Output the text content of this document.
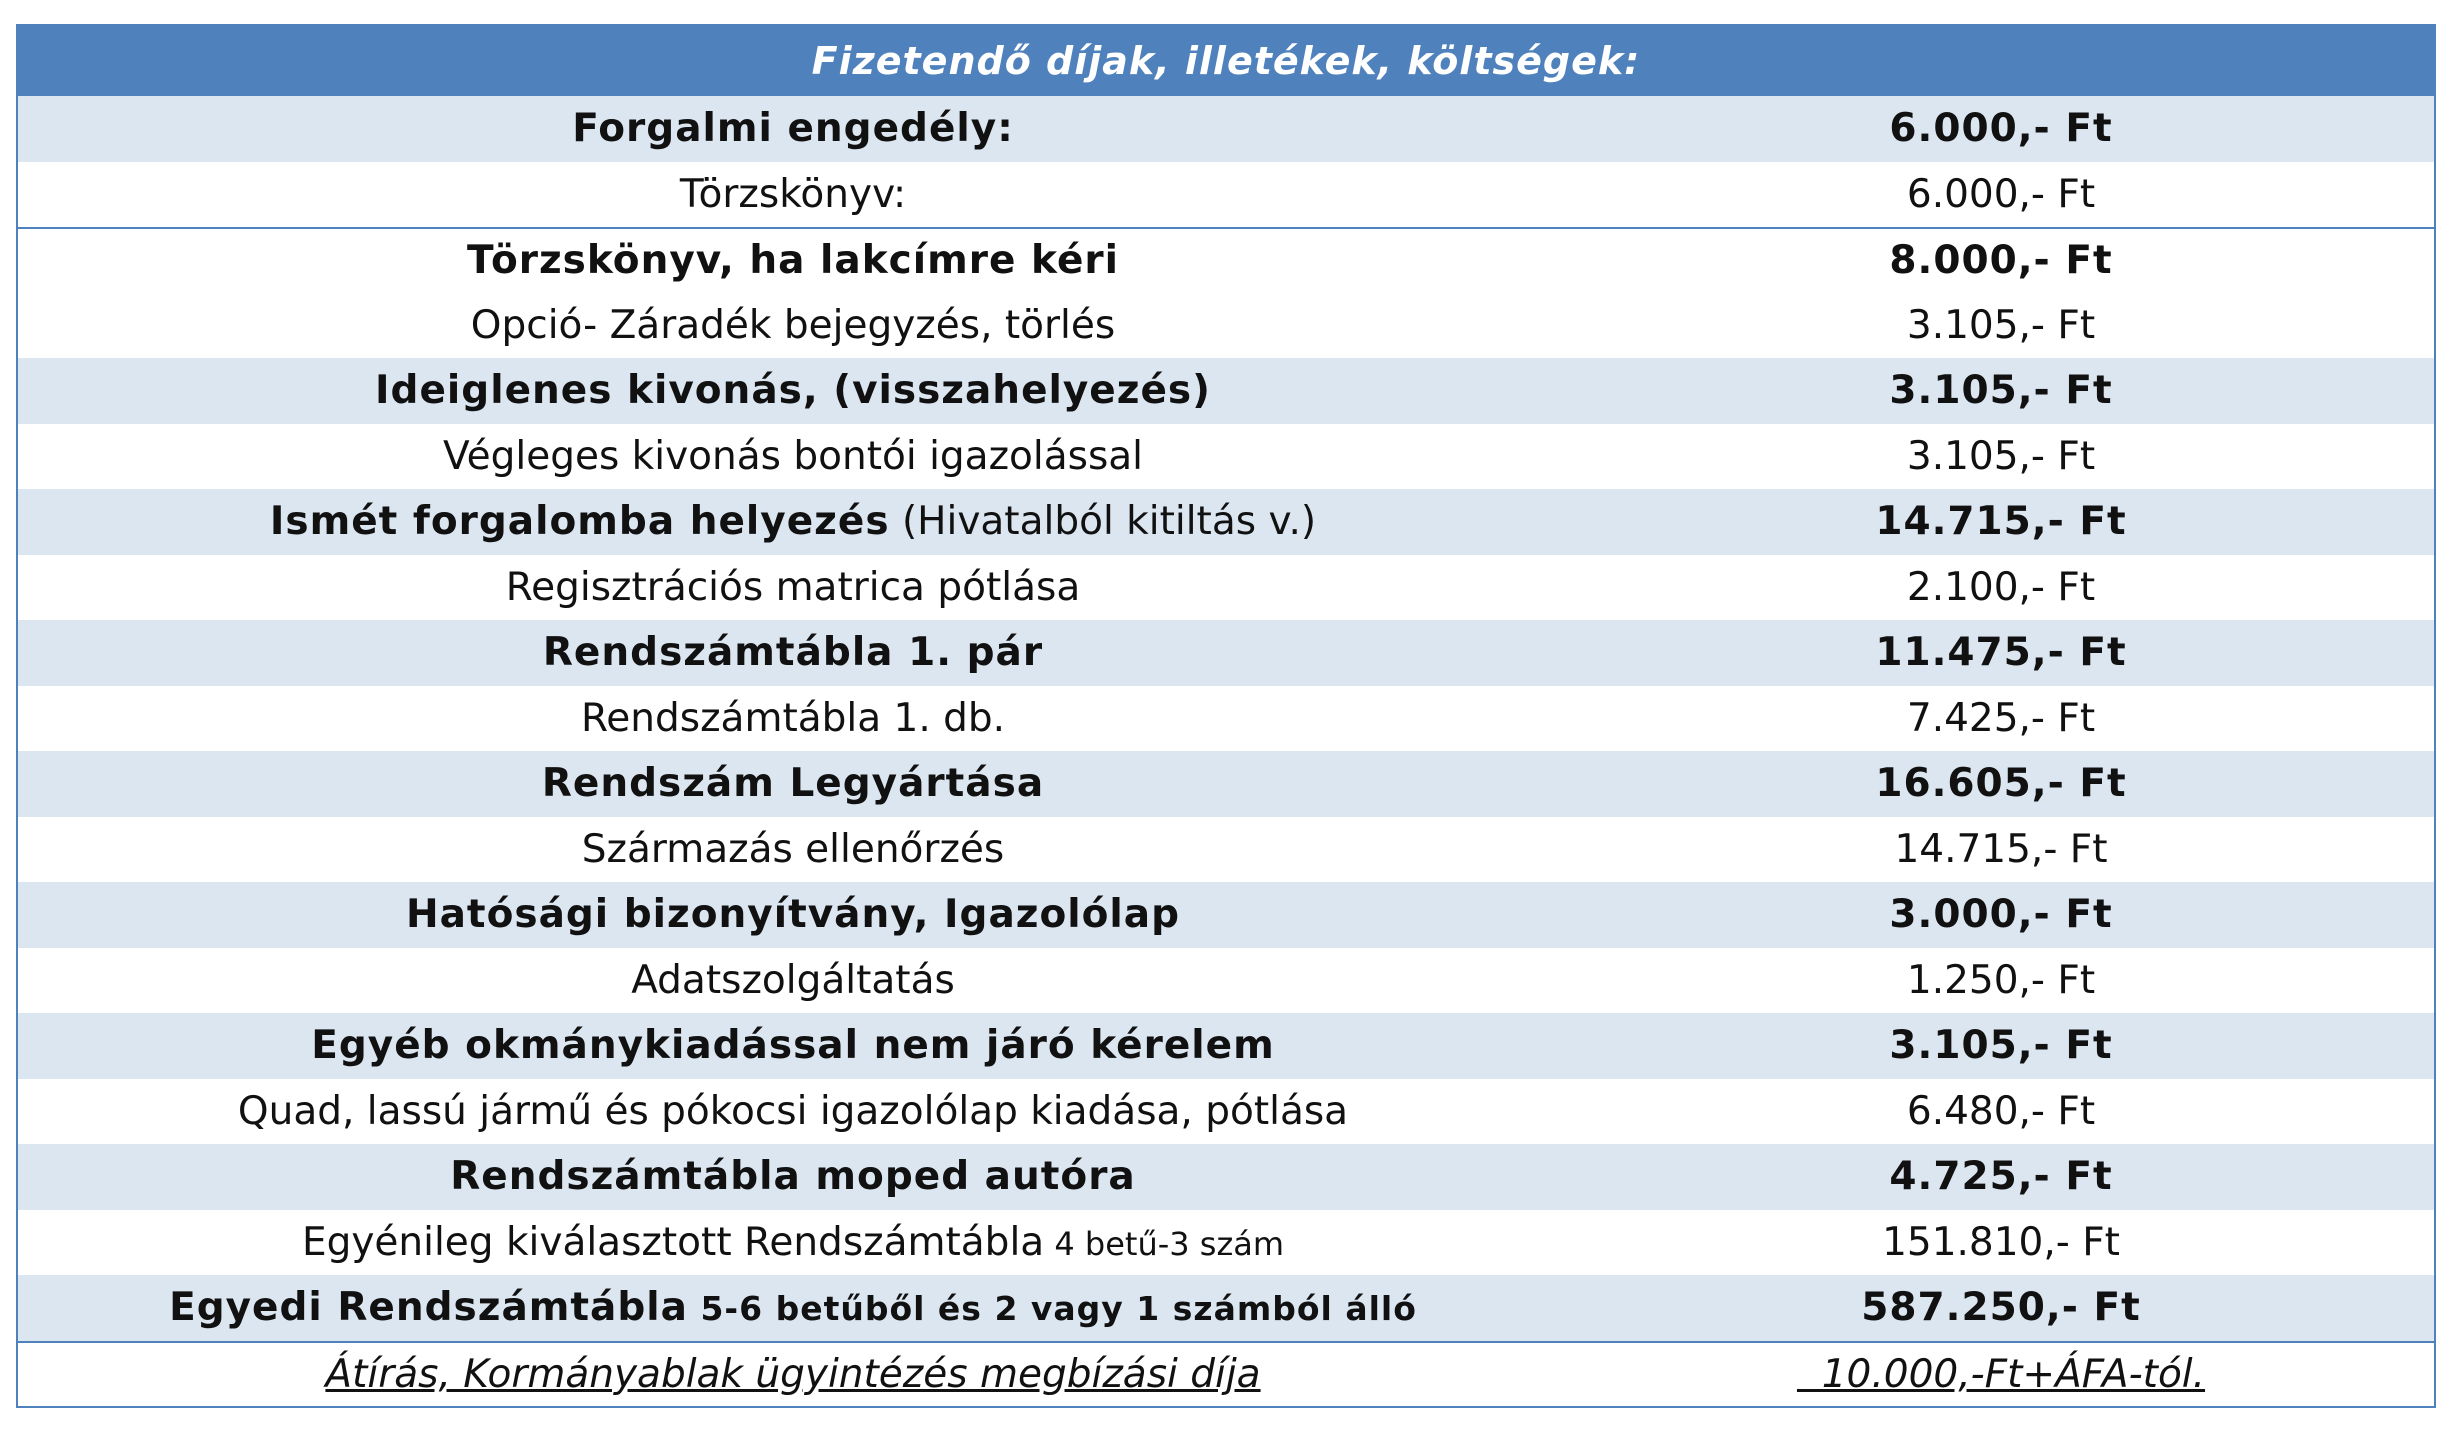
Fizetendő díjak, illetékek, költségek:
Forgalmi engedély:	6.000,- Ft
Törzskönyv:	6.000,- Ft
Törzskönyv, ha lakcímre kéri	8.000,- Ft
Opció- Záradék bejegyzés, törlés	3.105,- Ft
Ideiglenes kivonás, (visszahelyezés)	3.105,- Ft
Végleges kivonás bontói igazolással	3.105,- Ft
Ismét forgalomba helyezés (Hivatalból kitiltás v.)	14.715,- Ft
Regisztrációs matrica pótlása	2.100,- Ft
Rendszámtábla 1. pár	11.475,- Ft
Rendszámtábla 1. db.	7.425,- Ft
Rendszám Legyártása	16.605,- Ft
Származás ellenőrzés	14.715,- Ft
Hatósági bizonyítvány, Igazolólap	3.000,- Ft
Adatszolgáltatás	1.250,- Ft
Egyéb okmánykiadással nem járó kérelem	3.105,- Ft
Quad, lassú jármű és pókocsi igazolólap kiadása, pótlása	6.480,- Ft
Rendszámtábla moped autóra	4.725,- Ft
Egyénileg kiválasztott Rendszámtábla 4 betű-3 szám	151.810,- Ft
Egyedi Rendszámtábla 5-6 betűből és 2 vagy 1 számból álló	587.250,- Ft
Átírás, Kormányablak ügyintézés megbízási díja	10.000,-Ft+ÁFA-tól.
